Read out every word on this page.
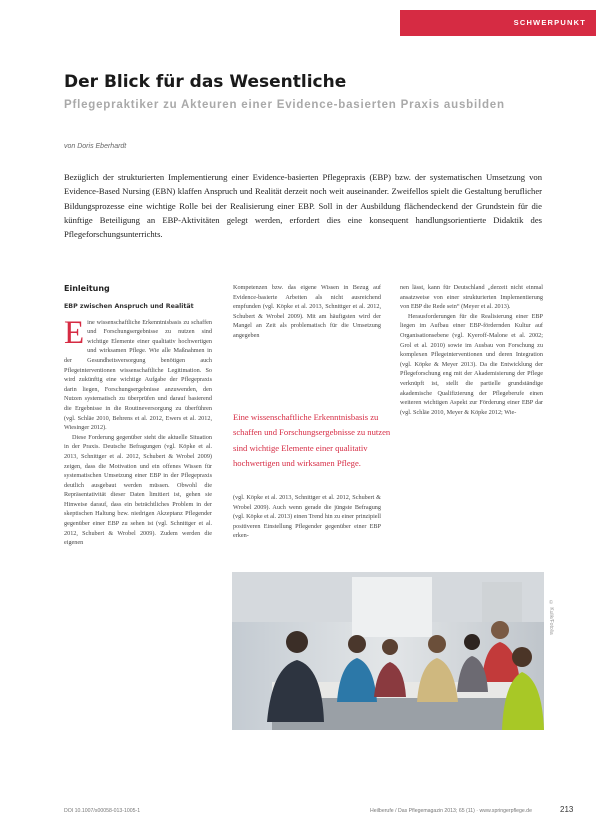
SCHWERPUNKT
Der Blick für das Wesentliche
Pflegepraktiker zu Akteuren einer Evidence-basierten Praxis ausbilden
von Doris Eberhardt
Bezüglich der strukturierten Implementierung einer Evidence-basierten Pflegepraxis (EBP) bzw. der systematischen Umsetzung von Evidence-Based Nursing (EBN) klaffen Anspruch und Realität derzeit noch weit auseinander. Zweifellos spielt die Gestaltung beruflicher Bildungsprozesse eine wichtige Rolle bei der Realisierung einer EBP. Soll in der Ausbildung flächendeckend der Grundstein für die künftige Beteiligung an EBP-Aktivitäten gelegt werden, erfordert dies eine konsequent handlungsorientierte Didaktik des Pflegeforschungsunterrichts.
Einleitung
EBP zwischen Anspruch und Realität

Eine wissenschaftliche Erkenntnisbasis zu schaffen und Forschungsergebnisse zu nutzen sind wichtige Elemente einer qualitativ hochwertigen und wirksamen Pflege. Wie alle Maßnahmen in der Gesundheitsversorgung benötigen auch Pflegeinterventionen wissenschaftliche Legitimation. So wird zukünftig eine wichtige Aufgabe der Pflegepraxis darin liegen, Forschungsergebnisse anzuwenden, den Nutzen systematisch zu überprüfen und darauf basierend die Ergebnisse in die Routineversorgung zu überführen (vgl. Schläe 2010, Behrens et al. 2012, Ewers et al. 2012, Wiesinger 2012).

Diese Forderung gegenüber steht die aktuelle Situation in der Praxis. Deutsche Befragungen (vgl. Köpke et al. 2013, Schnittger et al. 2012, Schubert & Wrobel 2009) zeigen, dass die Motivation und ein offenes Wissen für systematischen Umsetzung einer EBP in der Pflegepraxis deutlich ausgebaut werden müssen. Obwohl die Repräsentativität dieser Daten limitiert ist, gehen sie Hinweise darauf, dass ein beträchtliches Problem in der skeptischen Haltung bzw. niedrigen Akzeptanz Pflegender gegenüber einer EBP zu sehen ist (vgl. Schnittger et al. 2012, Schubert & Wrobel 2009). Zudem werden die eigenen

Kompetenzen bzw. das eigene Wissen in Bezug auf Evidence-basierte Arbeiten als nicht ausreichend empfunden (vgl. Köpke et al. 2013, Schnittger et al. 2012, Schubert & Wrobel 2009). Mit am häufigsten wird der Mangel an Zeit als problematisch für die Umsetzung angegeben

Eine wissenschaftliche Erkenntnisbasis zu schaffen und Forschungsergebnisse zu nutzen sind wichtige Elemente einer qualitativ hochwertigen und wirksamen Pflege.

(vgl. Köpke et al. 2013, Schnittger et al. 2012, Schubert & Wrobel 2009). Auch wenn gerade die jüngste Befragung (vgl. Köpke et al. 2013) einen Trend hin zu einer prinzipiell positiveren Einstellung Pflegender gegenüber einer EBP erken-

nen lässt, kann für Deutschland „derzeit nicht einmal ansatzweise von einer strukturierten Implementierung von EBP die Rede sein“ (Meyer et al. 2013).

Herausforderungen für die Realisierung einer EBP liegen im Aufbau einer EBP-fördernden Kultur auf Organisationsebene (vgl. Kyeroff-Malone et al. 2002; Grol et al. 2010) sowie im Ausbau von Forschung zu komplexen Pflegeinterventionen und deren Integration (vgl. Köpke & Meyer 2013). Da die Entwicklung der Pflegeforschung eng mit der Akademisierung der Pflege verknüpft ist, stellt die partielle grundständige akademische Qualifizierung der Pflegeberufe einen weiteren wichtigen Aspekt zur Förderung einer EBP dar (vgl. Schläe 2010, Meyer & Köpke 2012; Wie-

© Kulik/Fotolia
DOI 10.1007/s00058-013-1005-1	Heilberufe / Das Pflegemagazin 2013; 65 (11) · www.springerpflege.de	213
